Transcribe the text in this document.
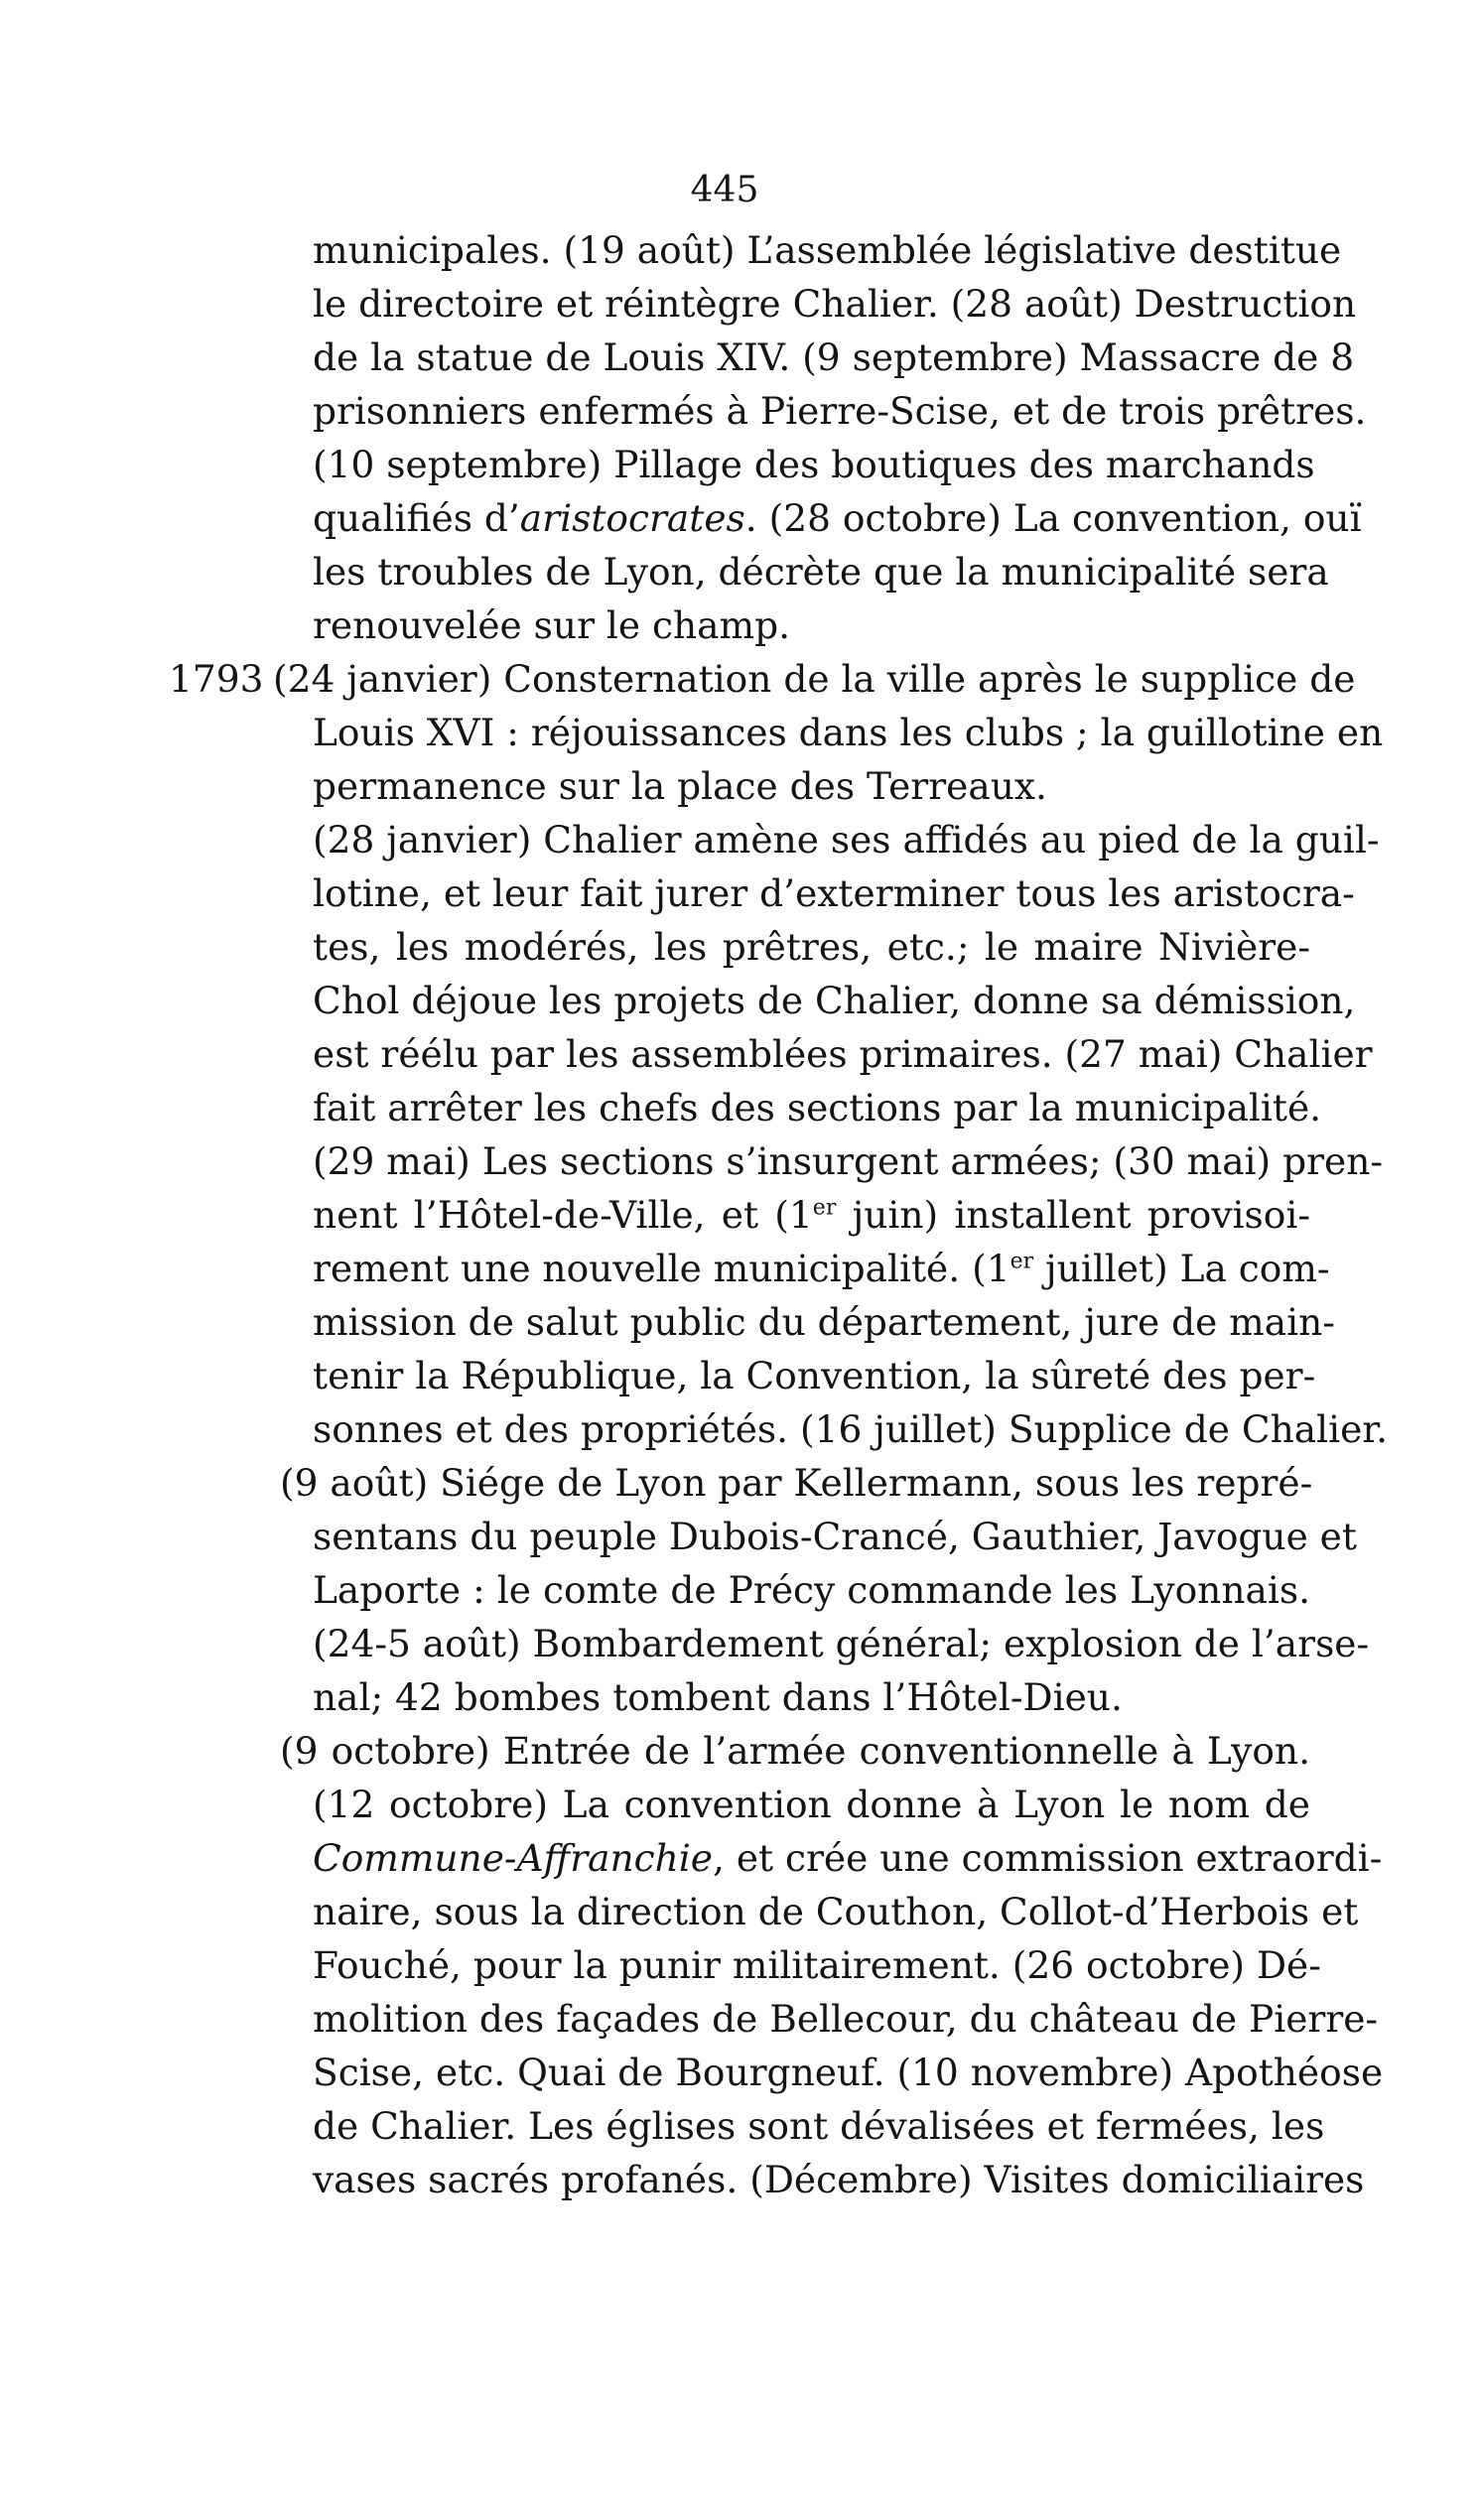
445
1793
municipales. (19 août) L’assemblée législative destitue
le directoire et réintègre Chalier. (28 août) Destruction
de la statue de Louis XIV. (9 septembre) Massacre de 8
prisonniers enfermés à Pierre-Scise, et de trois prêtres.
(10 septembre) Pillage des boutiques des marchands
qualifiés d’aristocrates. (28 octobre) La convention, ouï
les troubles de Lyon, décrète que la municipalité sera
renouvelée sur le champ.
(24 janvier) Consternation de la ville après le supplice de
Louis XVI : réjouissances dans les clubs ; la guillotine en
permanence sur la place des Terreaux.
(28 janvier) Chalier amène ses affidés au pied de la guil-
lotine, et leur fait jurer d’exterminer tous les aristocra-
tes, les modérés, les prêtres, etc.; le maire Nivière-
Chol déjoue les projets de Chalier, donne sa démission,
est réélu par les assemblées primaires. (27 mai) Chalier
fait arrêter les chefs des sections par la municipalité.
(29 mai) Les sections s’insurgent armées; (30 mai) pren-
nent l’Hôtel-de-Ville, et (1er juin) installent provisoi-
rement une nouvelle municipalité. (1er juillet) La com-
mission de salut public du département, jure de main-
tenir la République, la Convention, la sûreté des per-
sonnes et des propriétés. (16 juillet) Supplice de Chalier.
(9 août) Siége de Lyon par Kellermann, sous les repré-
sentans du peuple Dubois-Crancé, Gauthier, Javogue et
Laporte : le comte de Précy commande les Lyonnais.
(24-5 août) Bombardement général; explosion de l’arse-
nal; 42 bombes tombent dans l’Hôtel-Dieu.
(9 octobre) Entrée de l’armée conventionnelle à Lyon.
(12 octobre) La convention donne à Lyon le nom de
Commune-Affranchie, et crée une commission extraordi-
naire, sous la direction de Couthon, Collot-d’Herbois et
Fouché, pour la punir militairement. (26 octobre) Dé-
molition des façades de Bellecour, du château de Pierre-
Scise, etc. Quai de Bourgneuf. (10 novembre) Apothéose
de Chalier. Les églises sont dévalisées et fermées, les
vases sacrés profanés. (Décembre) Visites domiciliaires
